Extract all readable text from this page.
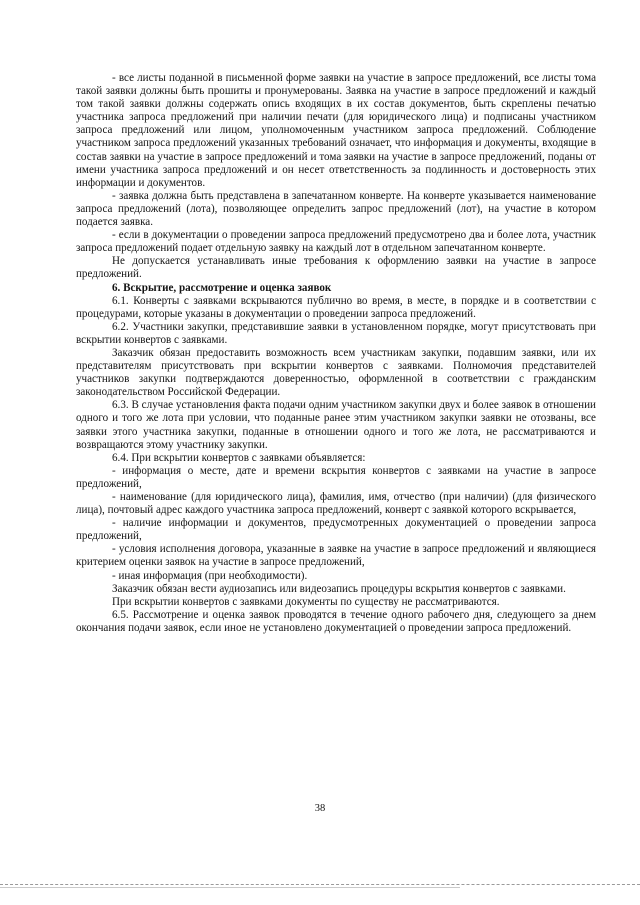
- все листы поданной в письменной форме заявки на участие в запросе предложений, все листы тома такой заявки должны быть прошиты и пронумерованы. Заявка на участие в запросе предложений и каждый том такой заявки должны содержать опись входящих в их состав документов, быть скреплены печатью участника запроса предложений при наличии печати (для юридического лица) и подписаны участником запроса предложений или лицом, уполномоченным участником запроса предложений. Соблюдение участником запроса предложений указанных требований означает, что информация и документы, входящие в состав заявки на участие в запросе предложений и тома заявки на участие в запросе предложений, поданы от имени участника запроса предложений и он несет ответственность за подлинность и достоверность этих информации и документов.

- заявка должна быть представлена в запечатанном конверте. На конверте указывается наименование запроса предложений (лота), позволяющее определить запрос предложений (лот), на участие в котором подается заявка.

- если в документации о проведении запроса предложений предусмотрено два и более лота, участник запроса предложений подает отдельную заявку на каждый лот в отдельном запечатанном конверте.

Не допускается устанавливать иные требования к оформлению заявки на участие в запросе предложений.

6. Вскрытие, рассмотрение и оценка заявок

6.1. Конверты с заявками вскрываются публично во время, в месте, в порядке и в соответствии с процедурами, которые указаны в документации о проведении запроса предложений.

6.2. Участники закупки, представившие заявки в установленном порядке, могут присутствовать при вскрытии конвертов с заявками.

Заказчик обязан предоставить возможность всем участникам закупки, подавшим заявки, или их представителям присутствовать при вскрытии конвертов с заявками. Полномочия представителей участников закупки подтверждаются доверенностью, оформленной в соответствии с гражданским законодательством Российской Федерации.

6.3. В случае установления факта подачи одним участником закупки двух и более заявок в отношении одного и того же лота при условии, что поданные ранее этим участником закупки заявки не отозваны, все заявки этого участника закупки, поданные в отношении одного и того же лота, не рассматриваются и возвращаются этому участнику закупки.

6.4. При вскрытии конвертов с заявками объявляется:

- информация о месте, дате и времени вскрытия конвертов с заявками на участие в запросе предложений,

- наименование (для юридического лица), фамилия, имя, отчество (при наличии) (для физического лица), почтовый адрес каждого участника запроса предложений, конверт с заявкой которого вскрывается,

- наличие информации и документов, предусмотренных документацией о проведении запроса предложений,

- условия исполнения договора, указанные в заявке на участие в запросе предложений и являющиеся критерием оценки заявок на участие в запросе предложений,

- иная информация (при необходимости).

Заказчик обязан вести аудиозапись или видеозапись процедуры вскрытия конвертов с заявками.

При вскрытии конвертов с заявками документы по существу не рассматриваются.

6.5. Рассмотрение и оценка заявок проводятся в течение одного рабочего дня, следующего за днем окончания подачи заявок, если иное не установлено документацией о проведении запроса предложений.

38
